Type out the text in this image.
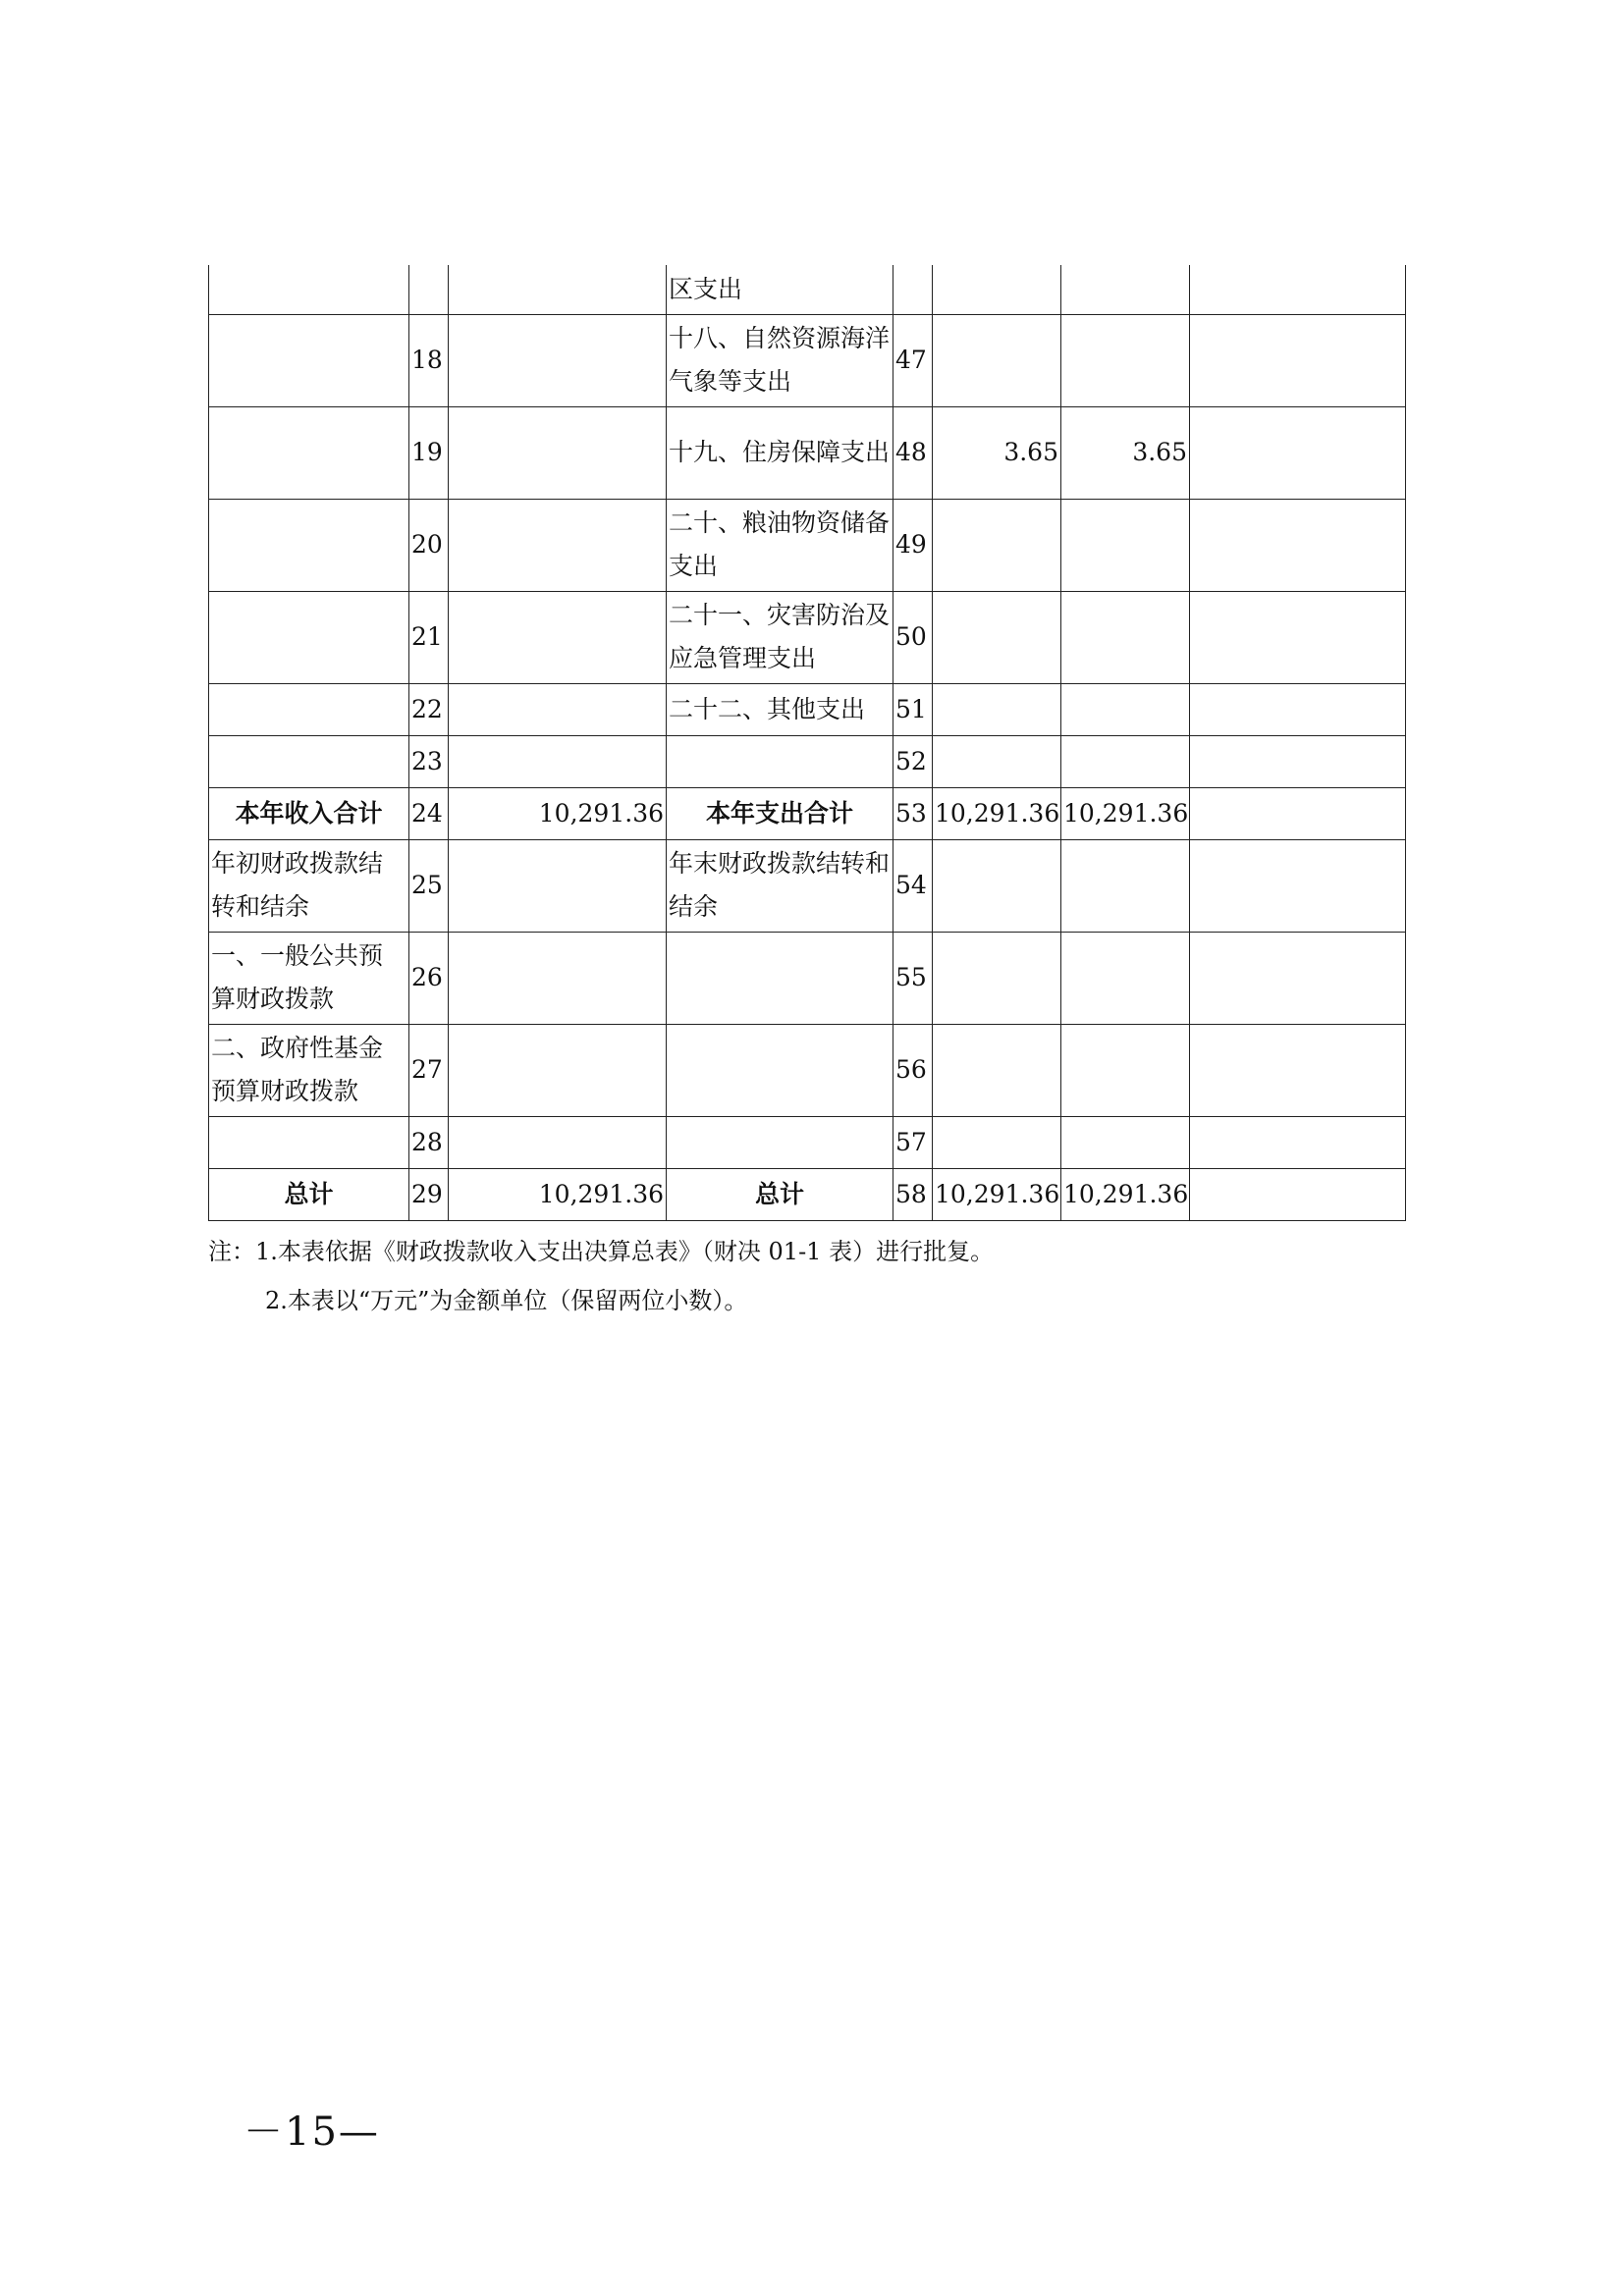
			区支出				
	18		十八、自然资源海洋气象等支出	47			
	19		十九、住房保障支出	48	3.65	3.65	
	20		二十、粮油物资储备支出	49			
	21		二十一、灾害防治及应急管理支出	50			
	22		二十二、其他支出	51			
	23			52			
本年收入合计	24	10,291.36	本年支出合计	53	10,291.36	10,291.36	
年初财政拨款结转和结余	25		年末财政拨款结转和结余	54			
一、一般公共预算财政拨款	26			55			
二、政府性基金预算财政拨款	27			56			
	28			57			
总计	29	10,291.36	总计	58	10,291.36	10,291.36	
注：1.本表依据《财政拨款收入支出决算总表》（财决 01-1 表）进行批复。
2.本表以“万元”为金额单位（保留两位小数）。
－15—
